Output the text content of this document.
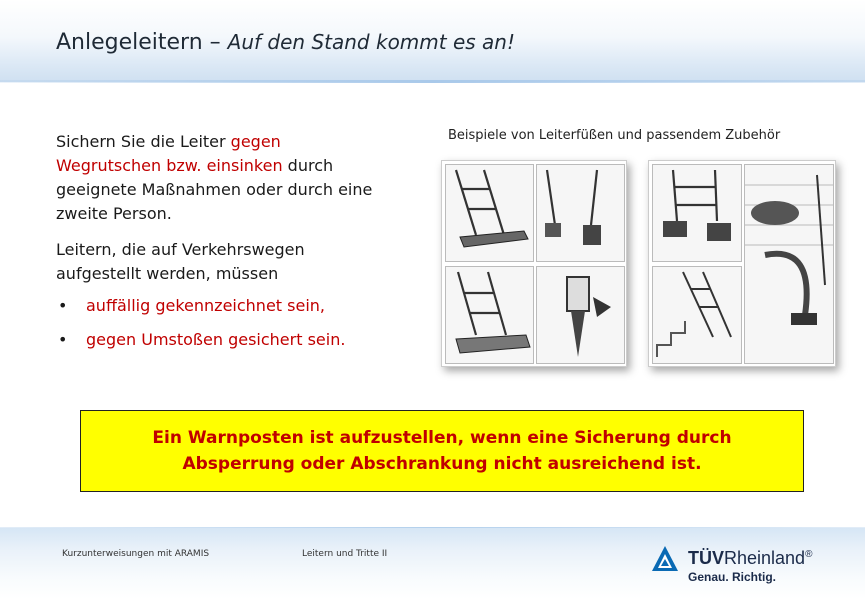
Anlegeleitern – Auf den Stand kommt es an!

Sichern Sie die Leiter gegen Wegrutschen bzw. einsinken durch geeignete Maßnahmen oder durch eine zweite Person.

Leitern, die auf Verkehrswegen aufgestellt werden, müssen

• auffällig gekennzeichnet sein,
• gegen Umstoßen gesichert sein.
Beispiele von Leiterfüßen und passendem Zubehör
Ein Warnposten ist aufzustellen, wenn eine Sicherung durch Absperrung oder Abschrankung nicht ausreichend ist.
Kurzunterweisungen mit ARAMIS	Leitern und Tritte II	TÜVRheinland®
Genau. Richtig.
